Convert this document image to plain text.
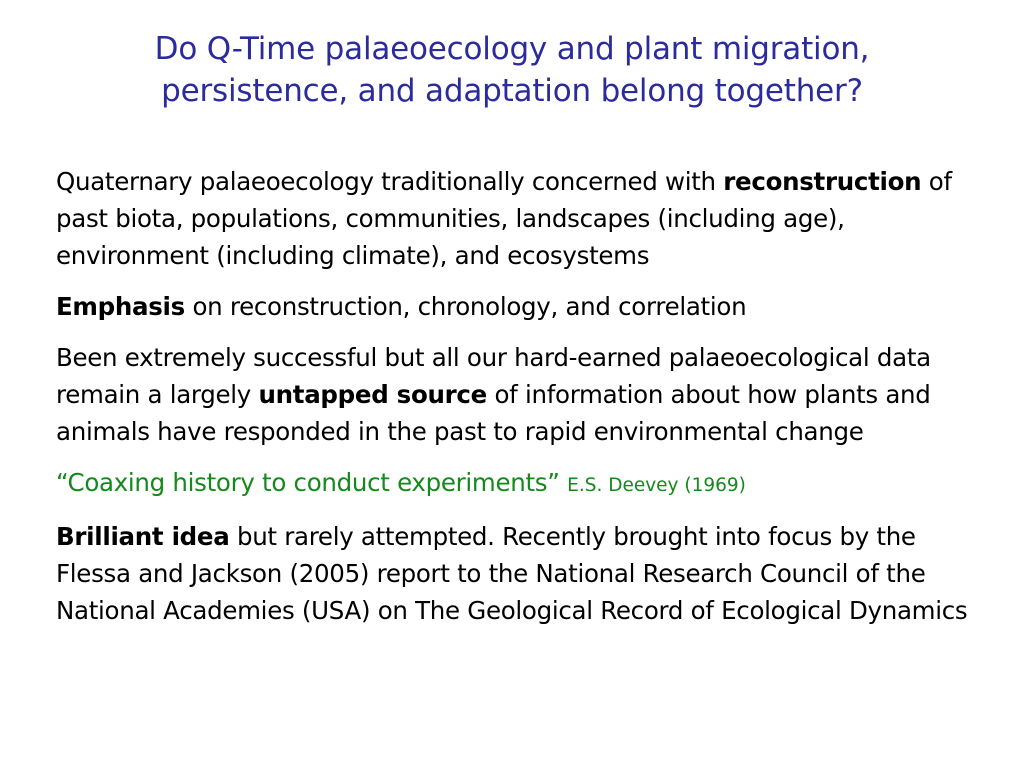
Do Q-Time palaeoecology and plant migration,
persistence, and adaptation belong together?

Quaternary palaeoecology traditionally concerned with reconstruction of past biota, populations, communities, landscapes (including age), environment (including climate), and ecosystems

Emphasis on reconstruction, chronology, and correlation

Been extremely successful but all our hard-earned palaeoecological data remain a largely untapped source of information about how plants and animals have responded in the past to rapid environmental change

“Coaxing history to conduct experiments” E.S. Deevey (1969)

Brilliant idea but rarely attempted. Recently brought into focus by the Flessa and Jackson (2005) report to the National Research Council of the National Academies (USA) on The Geological Record of Ecological Dynamics
